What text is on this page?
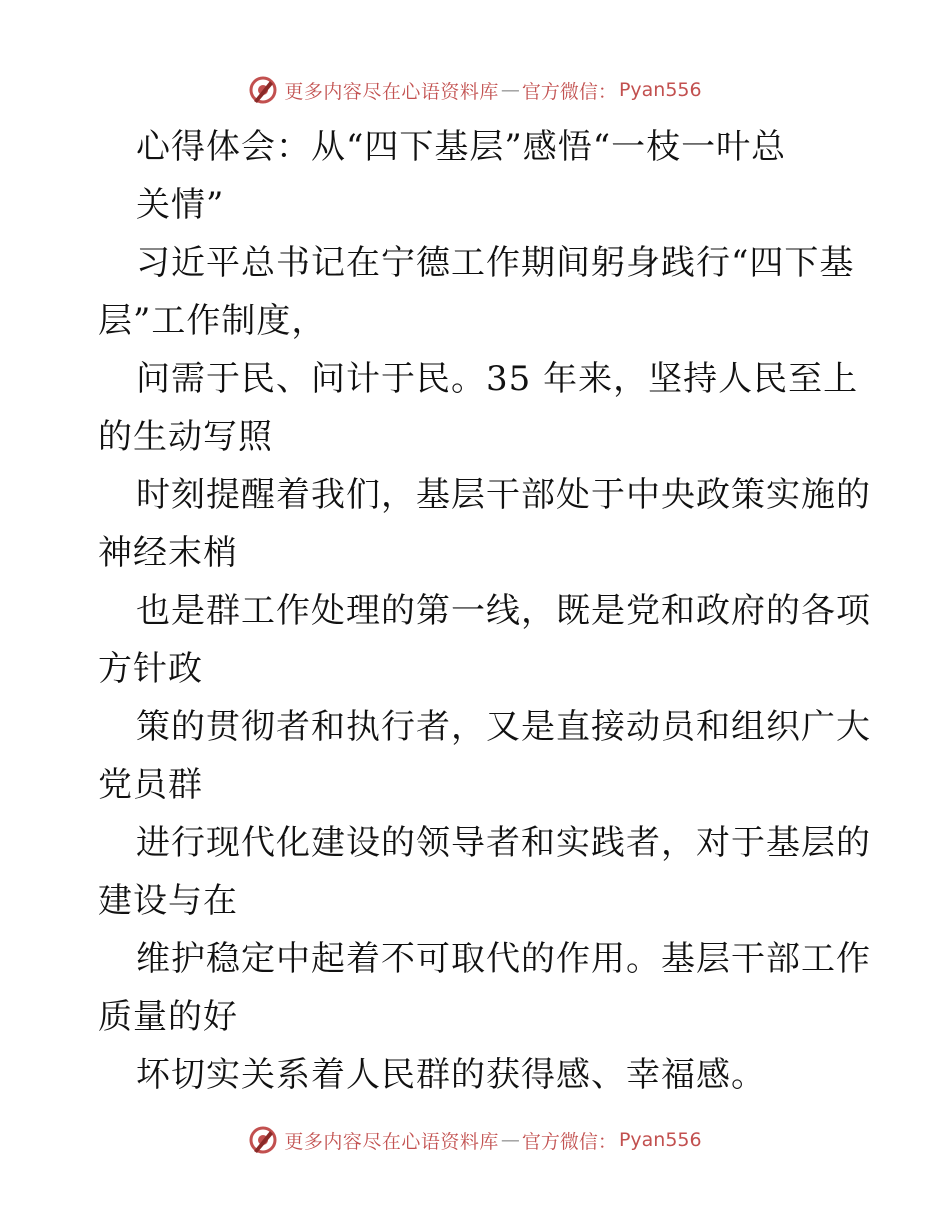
更多内容尽在心语资料库 — 官方微信： Pyan556
心得体会：从“四下基层”感悟“一枝一叶总
关情”
习近平总书记在宁德工作期间躬身践行“四下基
层”工作制度，
问需于民、问计于民。35 年来，坚持人民至上
的生动写照
时刻提醒着我们，基层干部处于中央政策实施的
神经末梢
也是群工作处理的第一线，既是党和政府的各项
方针政
策的贯彻者和执行者，又是直接动员和组织广大
党员群
进行现代化建设的领导者和实践者，对于基层的
建设与在
维护稳定中起着不可取代的作用。基层干部工作
质量的好
坏切实关系着人民群的获得感、幸福感。
更多内容尽在心语资料库 — 官方微信： Pyan556
